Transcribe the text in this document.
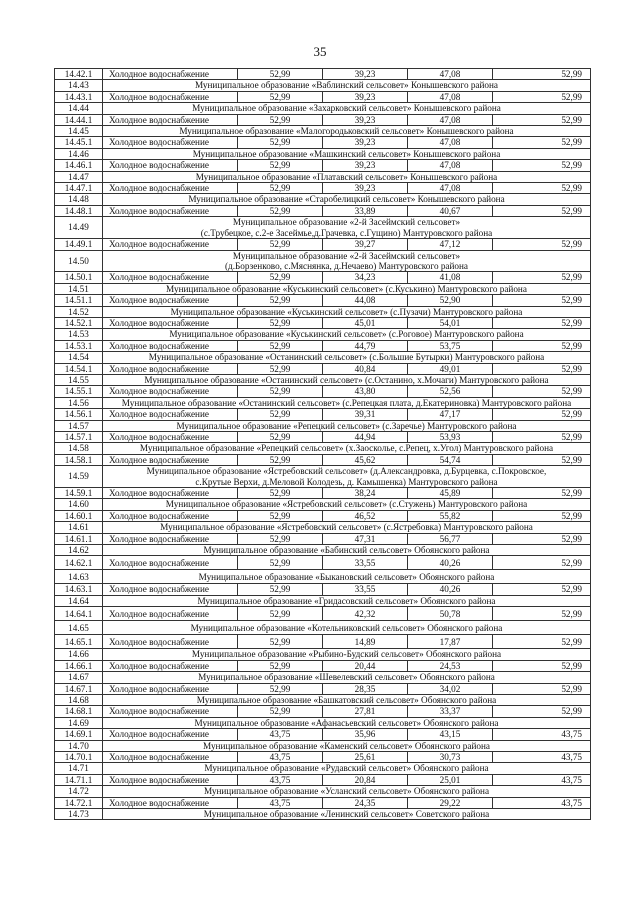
35
14.42.1	Холодное водоснабжение	52,99	39,23	47,08	52,99
14.43	Муниципальное образование «Ваблинский сельсовет» Конышевского района				
14.43.1	Холодное водоснабжение	52,99	39,23	47,08	52,99
14.44	Муниципальное образование «Захарковский сельсовет» Конышевского района				
14.44.1	Холодное водоснабжение	52,99	39,23	47,08	52,99
14.45	Муниципальное образование «Малогородьковский сельсовет» Конышевского района				
14.45.1	Холодное водоснабжение	52,99	39,23	47,08	52,99
14.46	Муниципальное образование «Машкинский сельсовет» Конышевского района				
14.46.1	Холодное водоснабжение	52,99	39,23	47,08	52,99
14.47	Муниципальное образование «Платавский сельсовет» Конышевского района				
14.47.1	Холодное водоснабжение	52,99	39,23	47,08	52,99
14.48	Муниципальное образование «Старобелицкий сельсовет» Конышевского района				
14.48.1	Холодное водоснабжение	52,99	33,89	40,67	52,99
14.49	Муниципальное образование «2-й Засеймский сельсовет»
(с.Трубецкое, с.2-е Засеймье,д.Грачевка, с.Гущино) Мантуровского района				
14.49.1	Холодное водоснабжение	52,99	39,27	47,12	52,99
14.50	Муниципальное образование «2-й Засеймский сельсовет»
(д.Борзенково, с.Мяснянка, д.Нечаево) Мантуровского района				
14.50.1	Холодное водоснабжение	52,99	34,23	41,08	52,99
14.51	Муниципальное образование «Куськинский сельсовет» (с.Куськино) Мантуровского района				
14.51.1	Холодное водоснабжение	52,99	44,08	52,90	52,99
14.52	Муниципальное образование «Куськинский сельсовет» (с.Пузачи) Мантуровского района				
14.52.1	Холодное водоснабжение	52,99	45,01	54,01	52,99
14.53	Муниципальное образование «Куськинский сельсовет» (с.Роговое) Мантуровского района				
14.53.1	Холодное водоснабжение	52,99	44,79	53,75	52,99
14.54	Муниципальное образование «Останинский сельсовет» (с.Большие Бутырки) Мантуровского района				
14.54.1	Холодное водоснабжение	52,99	40,84	49,01	52,99
14.55	Муниципальное образование «Останинский сельсовет» (с.Останино, х.Мочаги) Мантуровского района				
14.55.1	Холодное водоснабжение	52,99	43,80	52,56	52,99
14.56	Муниципальное образование «Останинский сельсовет» (с.Репецкая плата, д.Екатериновка) Мантуровского района				
14.56.1	Холодное водоснабжение	52,99	39,31	47,17	52,99
14.57	Муниципальное образование «Репецкий сельсовет» (с.Заречье) Мантуровского района				
14.57.1	Холодное водоснабжение	52,99	44,94	53,93	52,99
14.58	Муниципальное образование «Репецкий сельсовет» (х.Заосколье, с.Репец, х.Угол) Мантуровского района				
14.58.1	Холодное водоснабжение	52,99	45,62	54,74	52,99
14.59	Муниципальное образование «Ястребовский сельсовет» (д.Александровка, д.Бурцевка, с.Покровское,
с.Крутые Верхи, д.Меловой Колодезь, д. Камышенка) Мантуровского района				
14.59.1	Холодное водоснабжение	52,99	38,24	45,89	52,99
14.60	Муниципальное образование «Ястребовский сельсовет» (с.Стужень) Мантуровского района				
14.60.1	Холодное водоснабжение	52,99	46,52	55,82	52,99
14.61	Муниципальное образование «Ястребовский сельсовет» (с.Ястребовка) Мантуровского района				
14.61.1	Холодное водоснабжение	52,99	47,31	56,77	52,99
14.62	Муниципальное образование «Бабинский сельсовет» Обоянского района				
14.62.1	Холодное водоснабжение	52,99	33,55	40,26	52,99
14.63	Муниципальное образование «Быкановский сельсовет» Обоянского района				
14.63.1	Холодное водоснабжение	52,99	33,55	40,26	52,99
14.64	Муниципальное образование «Гридасовский сельсовет» Обоянского района				
14.64.1	Холодное водоснабжение	52,99	42,32	50,78	52,99
14.65	Муниципальное образование «Котельниковский сельсовет» Обоянского района				
14.65.1	Холодное водоснабжение	52,99	14,89	17,87	52,99
14.66	Муниципальное образование «Рыбино-Будский сельсовет» Обоянского района				
14.66.1	Холодное водоснабжение	52,99	20,44	24,53	52,99
14.67	Муниципальное образование «Шевелевский сельсовет» Обоянского района				
14.67.1	Холодное водоснабжение	52,99	28,35	34,02	52,99
14.68	Муниципальное образование «Башкатовский сельсовет» Обоянского района				
14.68.1	Холодное водоснабжение	52,99	27,81	33,37	52,99
14.69	Муниципальное образование «Афанасьевский сельсовет» Обоянского района				
14.69.1	Холодное водоснабжение	43,75	35,96	43,15	43,75
14.70	Муниципальное образование «Каменский сельсовет» Обоянского района				
14.70.1	Холодное водоснабжение	43,75	25,61	30,73	43,75
14.71	Муниципальное образование «Рудавский сельсовет» Обоянского района				
14.71.1	Холодное водоснабжение	43,75	20,84	25,01	43,75
14.72	Муниципальное образование «Усланский сельсовет» Обоянского района				
14.72.1	Холодное водоснабжение	43,75	24,35	29,22	43,75
14.73	Муниципальное образование «Ленинский сельсовет» Советского района				
